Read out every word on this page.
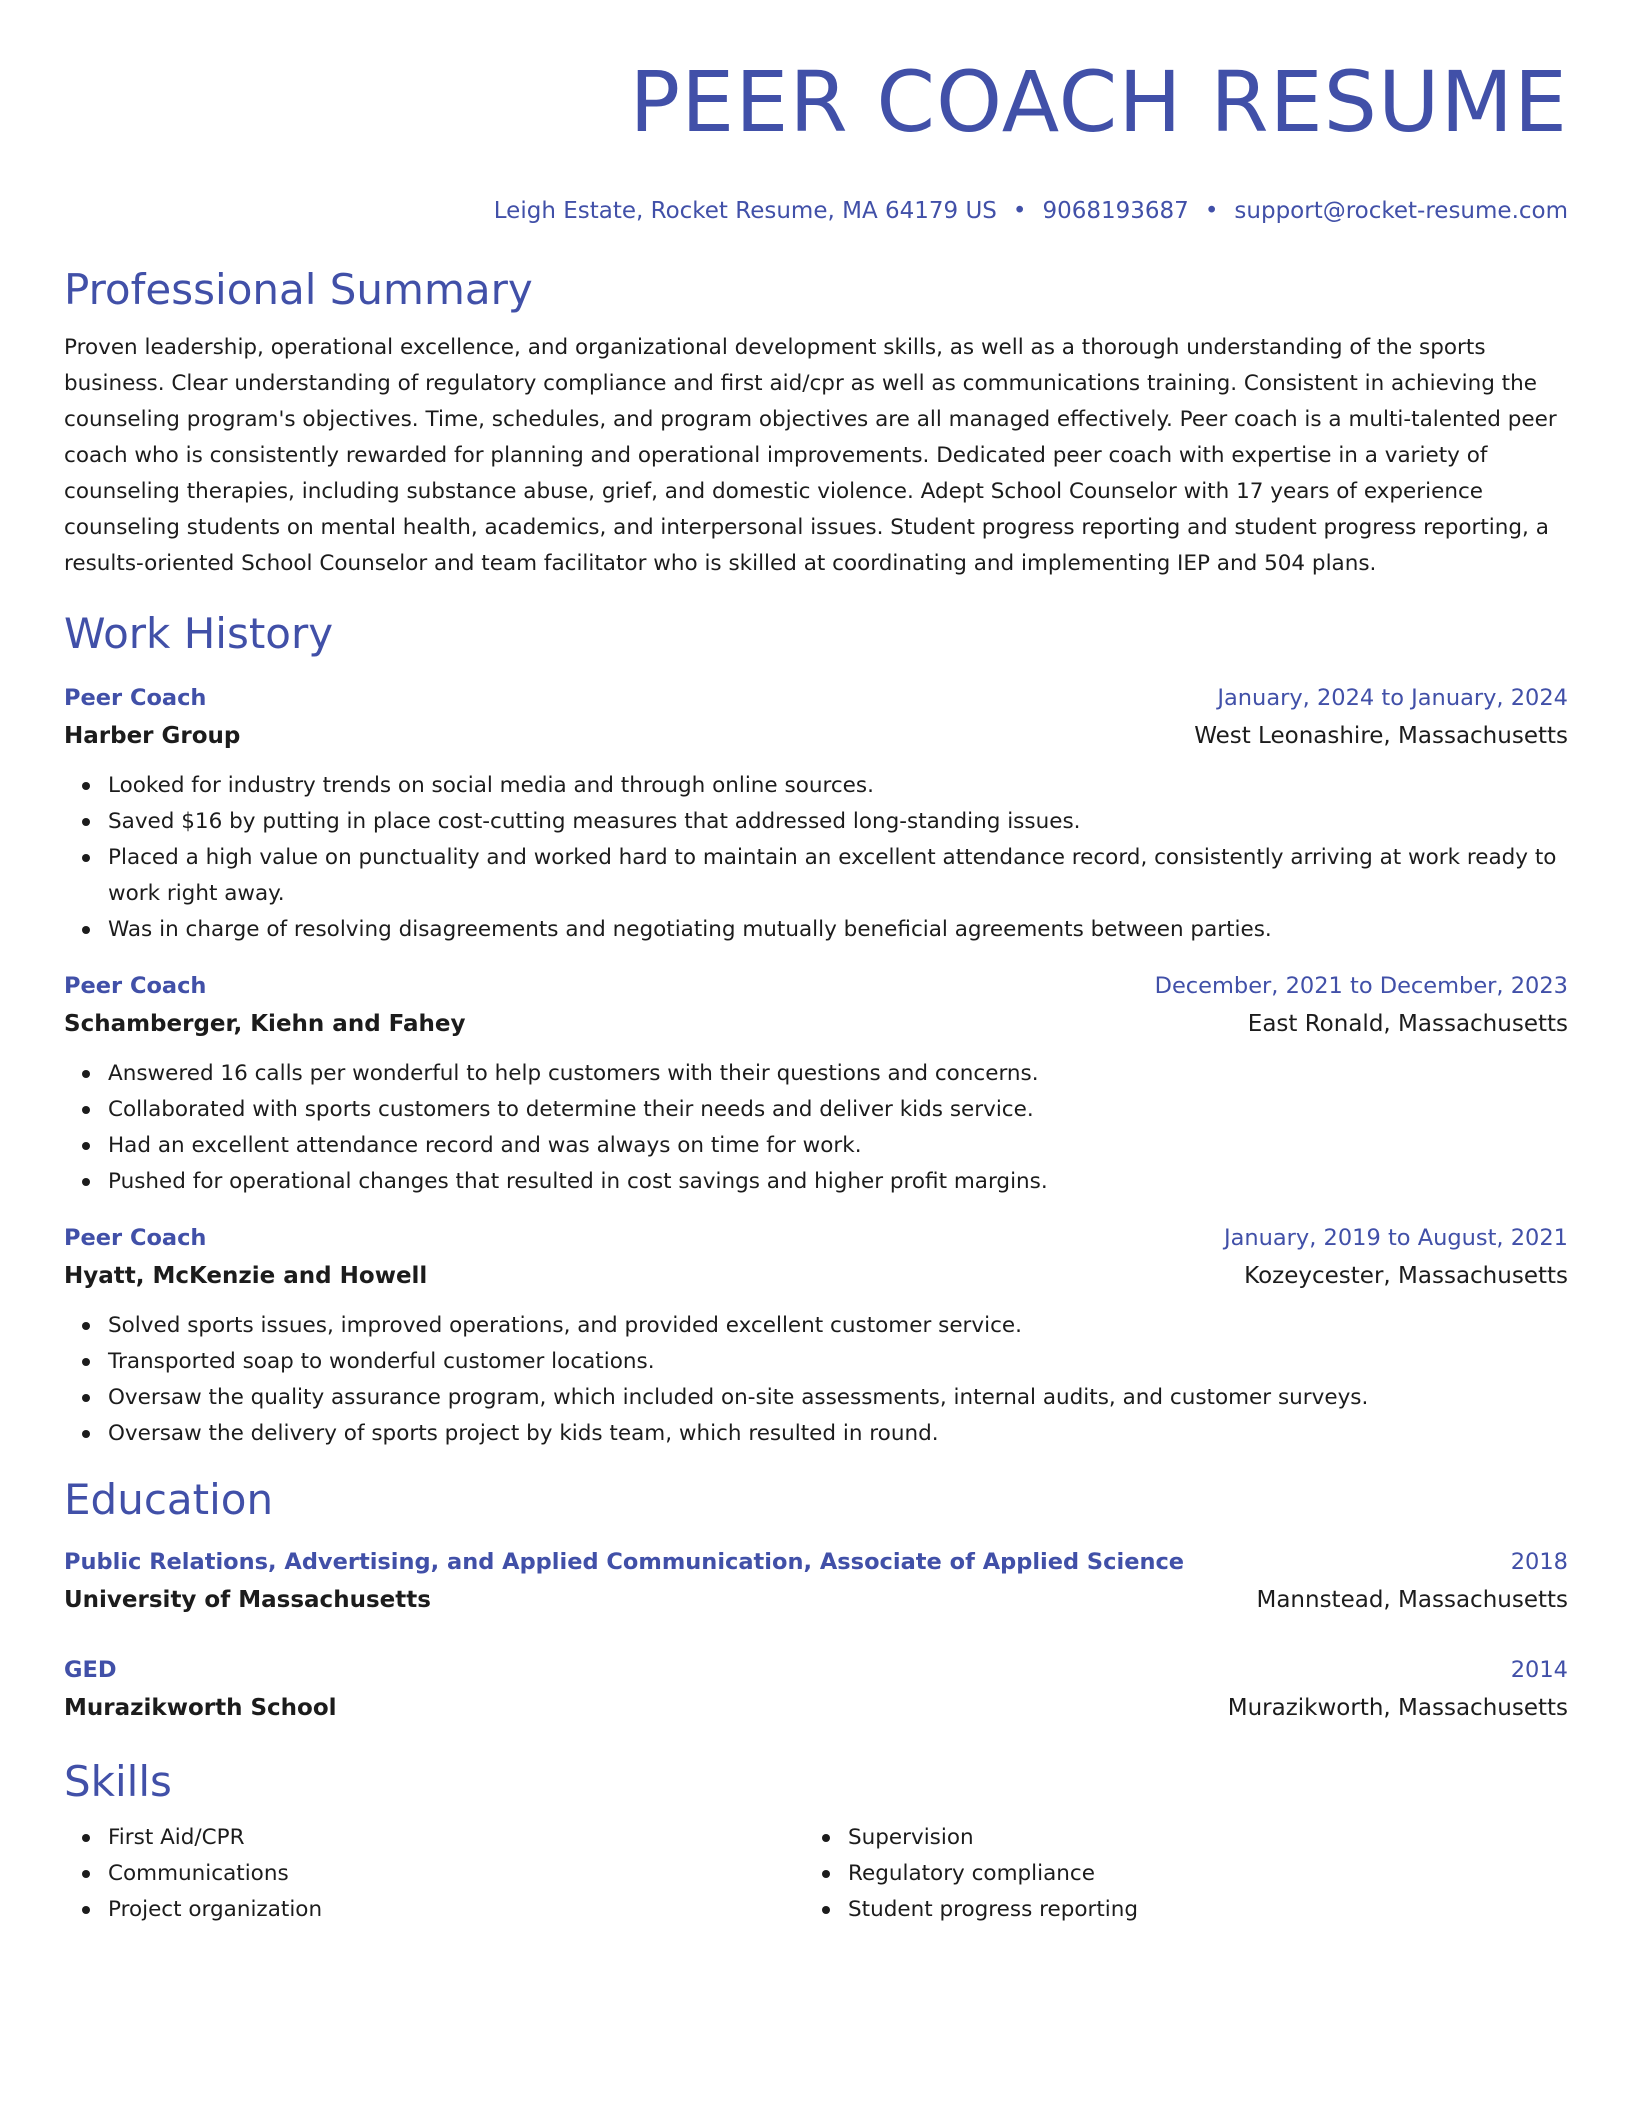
PEER COACH RESUME
Leigh Estate, Rocket Resume, MA 64179 US • 9068193687 • support@rocket-resume.com
Professional Summary
Proven leadership, operational excellence, and organizational development skills, as well as a thorough understanding of the sports business. Clear understanding of regulatory compliance and first aid/cpr as well as communications training. Consistent in achieving the counseling program's objectives. Time, schedules, and program objectives are all managed effectively. Peer coach is a multi-talented peer coach who is consistently rewarded for planning and operational improvements. Dedicated peer coach with expertise in a variety of counseling therapies, including substance abuse, grief, and domestic violence. Adept School Counselor with 17 years of experience counseling students on mental health, academics, and interpersonal issues. Student progress reporting and student progress reporting, a results-oriented School Counselor and team facilitator who is skilled at coordinating and implementing IEP and 504 plans.
Work History
Peer Coach	January, 2024 to January, 2024
Harber Group	West Leonashire, Massachusetts
Looked for industry trends on social media and through online sources.
Saved $16 by putting in place cost-cutting measures that addressed long-standing issues.
Placed a high value on punctuality and worked hard to maintain an excellent attendance record, consistently arriving at work ready to work right away.
Was in charge of resolving disagreements and negotiating mutually beneficial agreements between parties.
Peer Coach	December, 2021 to December, 2023
Schamberger, Kiehn and Fahey	East Ronald, Massachusetts
Answered 16 calls per wonderful to help customers with their questions and concerns.
Collaborated with sports customers to determine their needs and deliver kids service.
Had an excellent attendance record and was always on time for work.
Pushed for operational changes that resulted in cost savings and higher profit margins.
Peer Coach	January, 2019 to August, 2021
Hyatt, McKenzie and Howell	Kozeycester, Massachusetts
Solved sports issues, improved operations, and provided excellent customer service.
Transported soap to wonderful customer locations.
Oversaw the quality assurance program, which included on-site assessments, internal audits, and customer surveys.
Oversaw the delivery of sports project by kids team, which resulted in round.
Education
Public Relations, Advertising, and Applied Communication, Associate of Applied Science	2018
University of Massachusetts	Mannstead, Massachusetts
GED	2014
Murazikworth School	Murazikworth, Massachusetts
Skills
First Aid/CPR
Communications
Project organization
Supervision
Regulatory compliance
Student progress reporting
